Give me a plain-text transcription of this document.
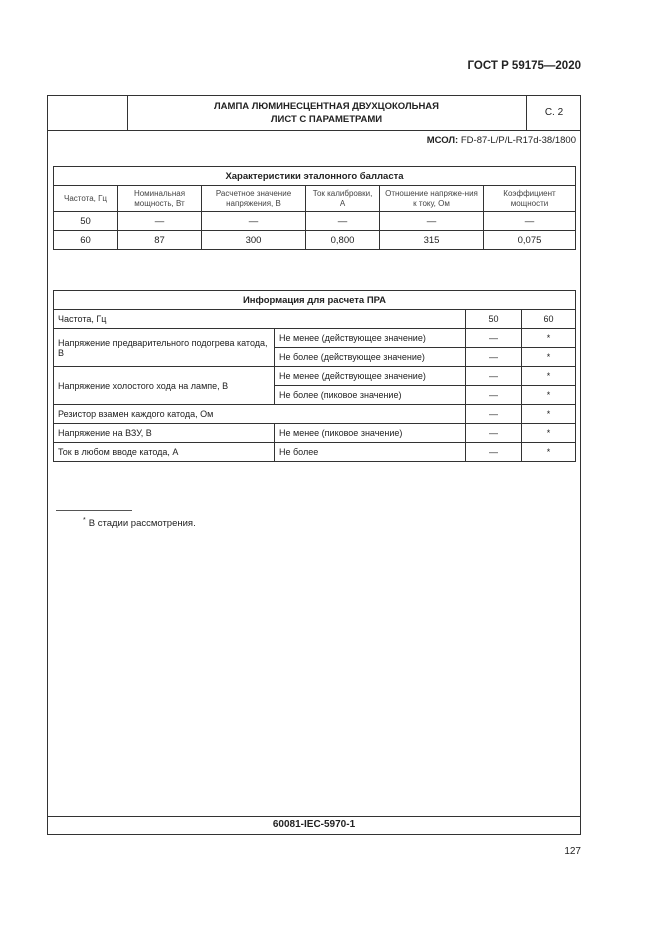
ГОСТ Р 59175—2020
ЛАМПА ЛЮМИНЕСЦЕНТНАЯ ДВУХЦОКОЛЬНАЯ
ЛИСТ С ПАРАМЕТРАМИ
С. 2
МСОЛ: FD-87-L/P/L-R17d-38/1800
Характеристики эталонного балласта					
Частота, Гц	Номинальная мощность, Вт	Расчетное значение напряжения, В	Ток калибровки, А	Отношение напряже-ния к току, Ом	Коэффициент мощности
50	—	—	—	—	—
60	87	300	0,800	315	0,075
Информация для расчета ПРА			
Частота, Гц		50	60
Напряжение предварительного подогрева катода, В	Не менее (действующее значение)	—	*
	Не более (действующее значение)	—	*
Напряжение холостого хода на лампе, В	Не менее (действующее значение)	—	*
	Не более (пиковое значение)	—	*
Резистор взамен каждого катода, Ом		—	*
Напряжение на ВЗУ, В	Не менее (пиковое значение)	—	*
Ток в любом вводе катода, А	Не более	—	*
* В стадии рассмотрения.
60081-IEC-5970-1
127
